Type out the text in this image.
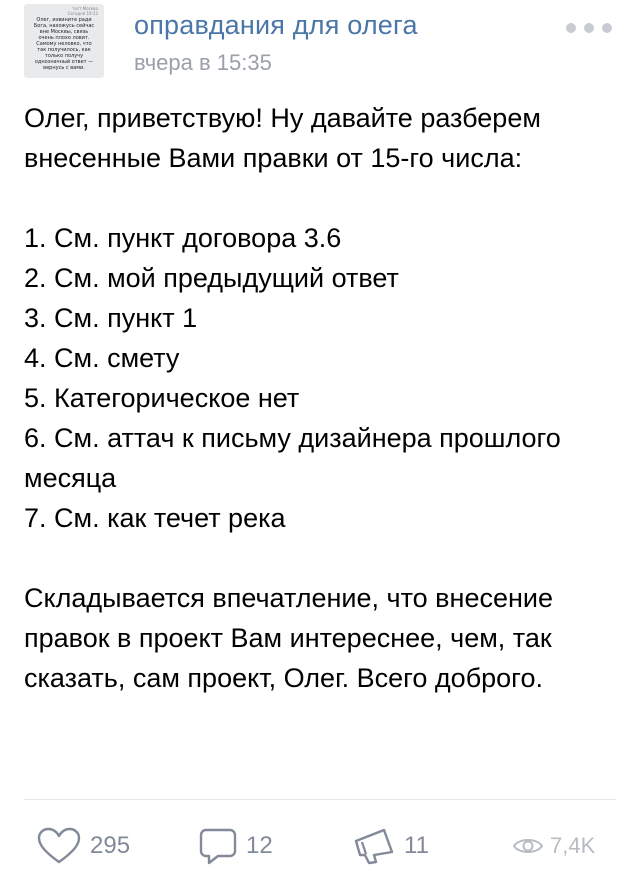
тест.Москва
Сегодня 19:22
Олег, извините ради
Бога, нахожусь сейчас
вне Москвы, связь
очень плохо ловит.
Самому неловко, что
так получилось, как
только получу
однозначный ответ —
вернусь с вами.
оправдания для олега
вчера в 15:35

Олег, приветствую! Ну давайте разберем внесенные Вами правки от 15-го числа:

1. См. пункт договора 3.6

2. См. мой предыдущий ответ

3. См. пункт 1

4. См. смету

5. Категорическое нет

6. См. аттач к письму дизайнера прошлого месяца

7. См. как течет река

Складывается впечатление, что внесение правок в проект Вам интереснее, чем, так сказать, сам проект, Олег. Всего доброго.

295	12	11	7,4K
